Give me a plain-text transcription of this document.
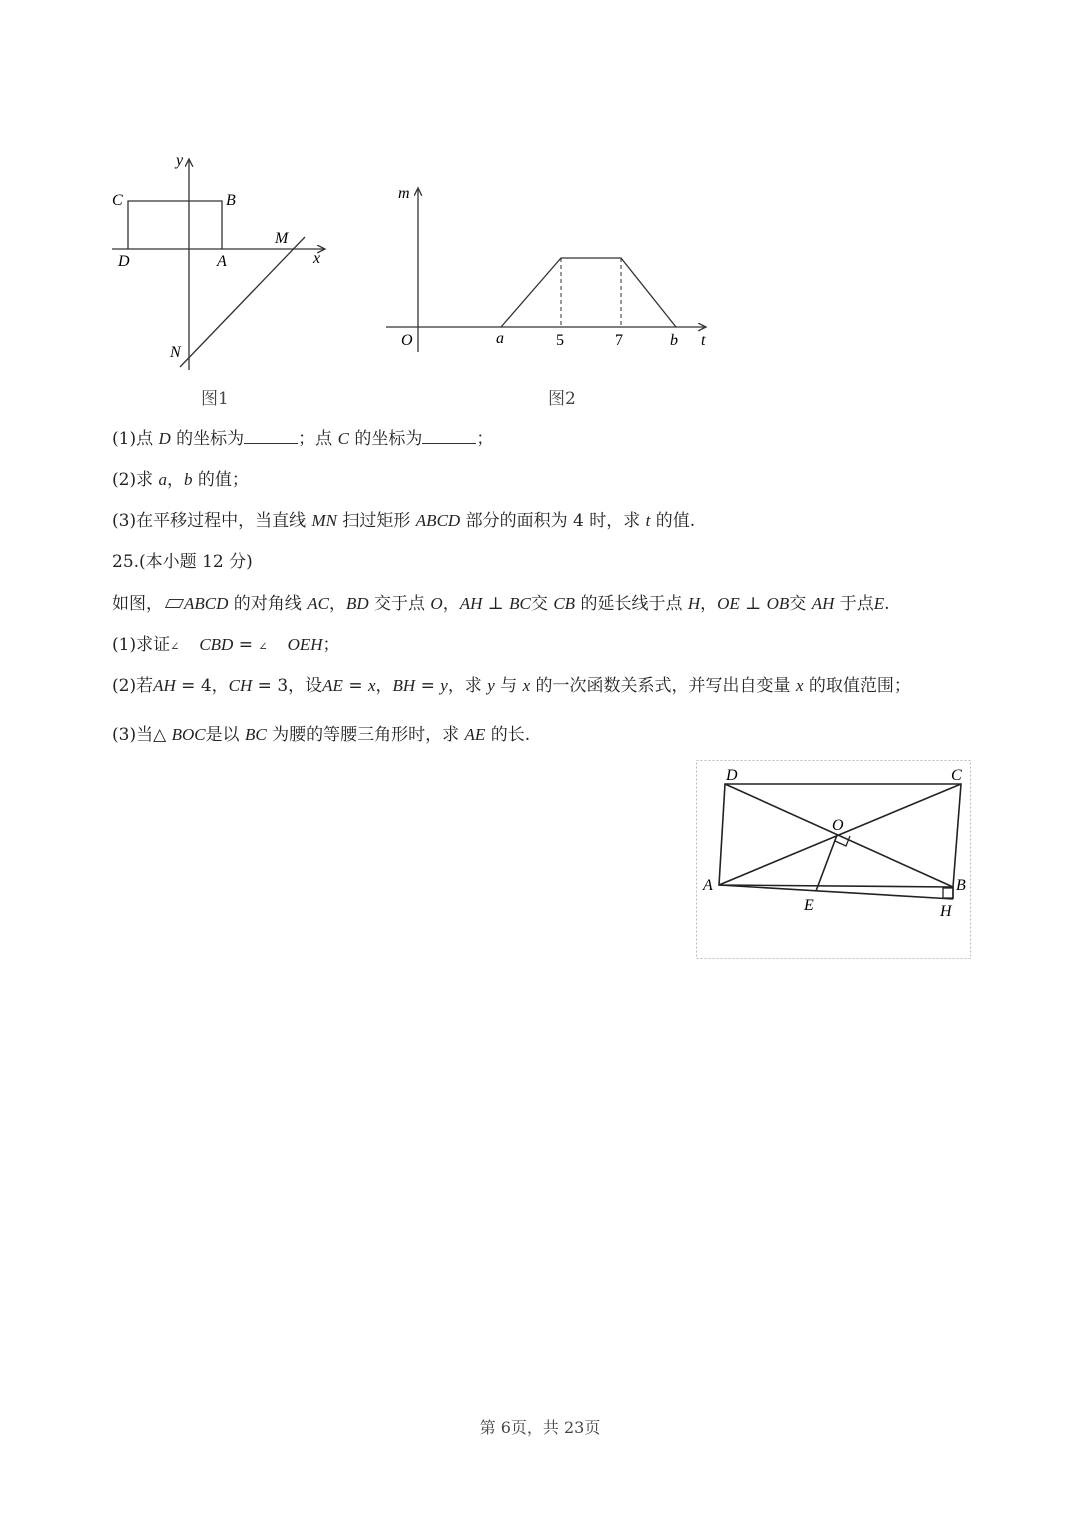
y
C	B
D	A
M
x
N
图1
m
O	a	5	7	b t
图2
(1)点 D 的坐标为	；点 C 的坐标为	；
(2)求 a，b 的值；
(3)在平移过程中，当直线 MN 扫过矩形 ABCD 部分的面积为 4 时，求 t 的值.
25.(本小题 12 分)
如图， ABCD 的对角线 AC，BD 交于点 O，AH ⊥ BC交 CB 的延长线于点 H，OE ⊥ OB交 AH 于点E.
(1)求证∠ CBD = ∠ OEH；
(2)若AH = 4，CH = 3，设AE = x，BH = y，求 y 与 x 的一次函数关系式，并写出自变量 x 的取值范围；
(3)当△ BOC是以 BC 为腰的等腰三角形时，求 AE 的长.
D	C
O
A	B
E	H
第 6页，共 23页
